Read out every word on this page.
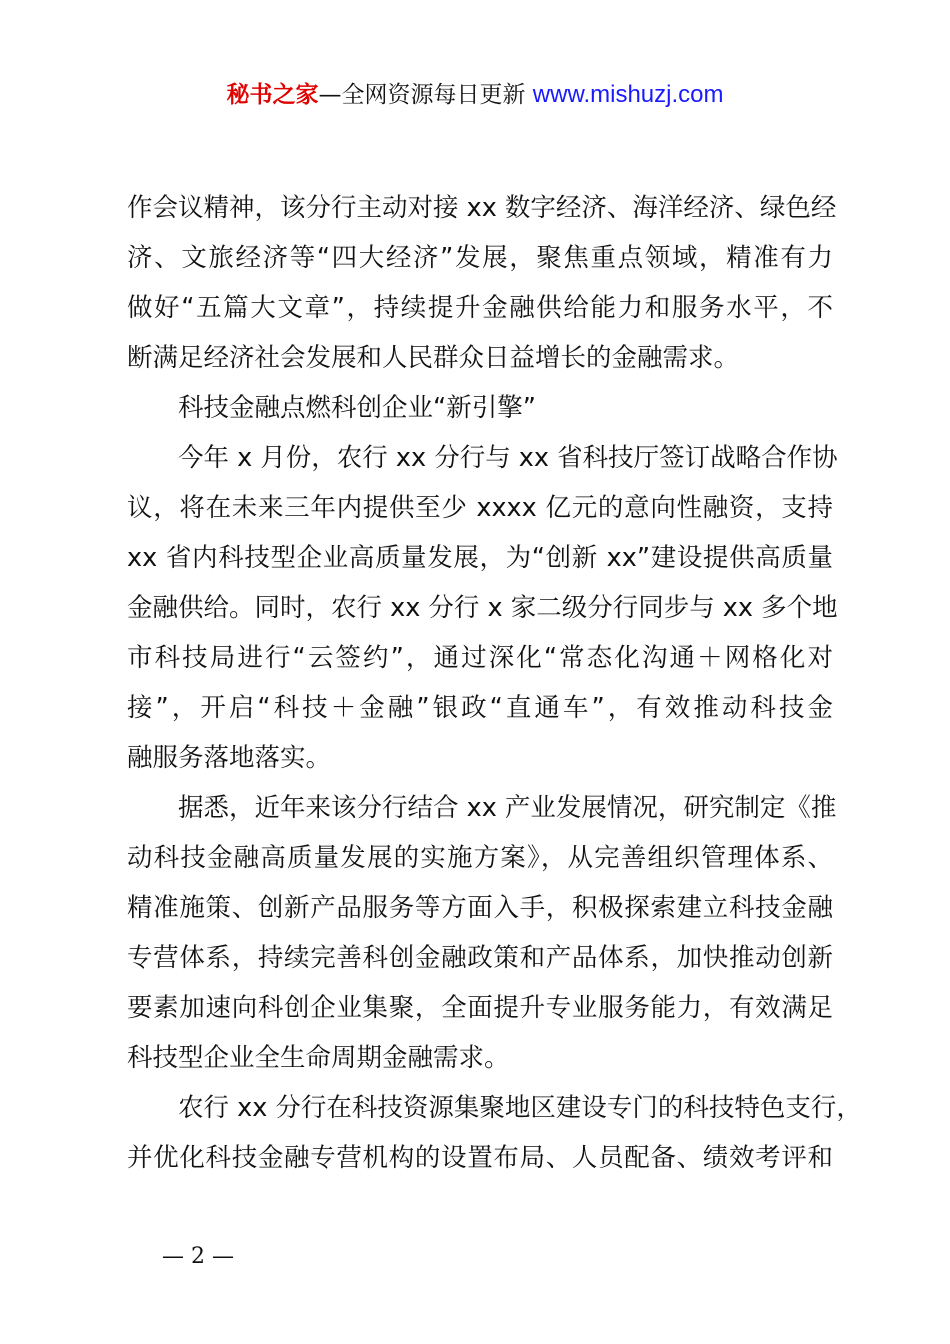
秘书之家—全网资源每日更新 www.mishuzj.com
作会议精神，该分行主动对接 xx 数字经济、海洋经济、绿色经
济、文旅经济等“四大经济”发展，聚焦重点领域，精准有力
做好“五篇大文章”，持续提升金融供给能力和服务水平，不
断满足经济社会发展和人民群众日益增长的金融需求。
科技金融点燃科创企业“新引擎”
今年 x 月份，农行 xx 分行与 xx 省科技厅签订战略合作协
议，将在未来三年内提供至少 xxxx 亿元的意向性融资，支持
xx 省内科技型企业高质量发展，为“创新 xx”建设提供高质量
金融供给。同时，农行 xx 分行 x 家二级分行同步与 xx 多个地
市科技局进行“云签约”，通过深化“常态化沟通＋网格化对
接”，开启“科技＋金融”银政“直通车”，有效推动科技金
融服务落地落实。
据悉，近年来该分行结合 xx 产业发展情况，研究制定《推
动科技金融高质量发展的实施方案》，从完善组织管理体系、
精准施策、创新产品服务等方面入手，积极探索建立科技金融
专营体系，持续完善科创金融政策和产品体系，加快推动创新
要素加速向科创企业集聚，全面提升专业服务能力，有效满足
科技型企业全生命周期金融需求。
农行 xx 分行在科技资源集聚地区建设专门的科技特色支行，
并优化科技金融专营机构的设置布局、人员配备、绩效考评和
— 2 —
